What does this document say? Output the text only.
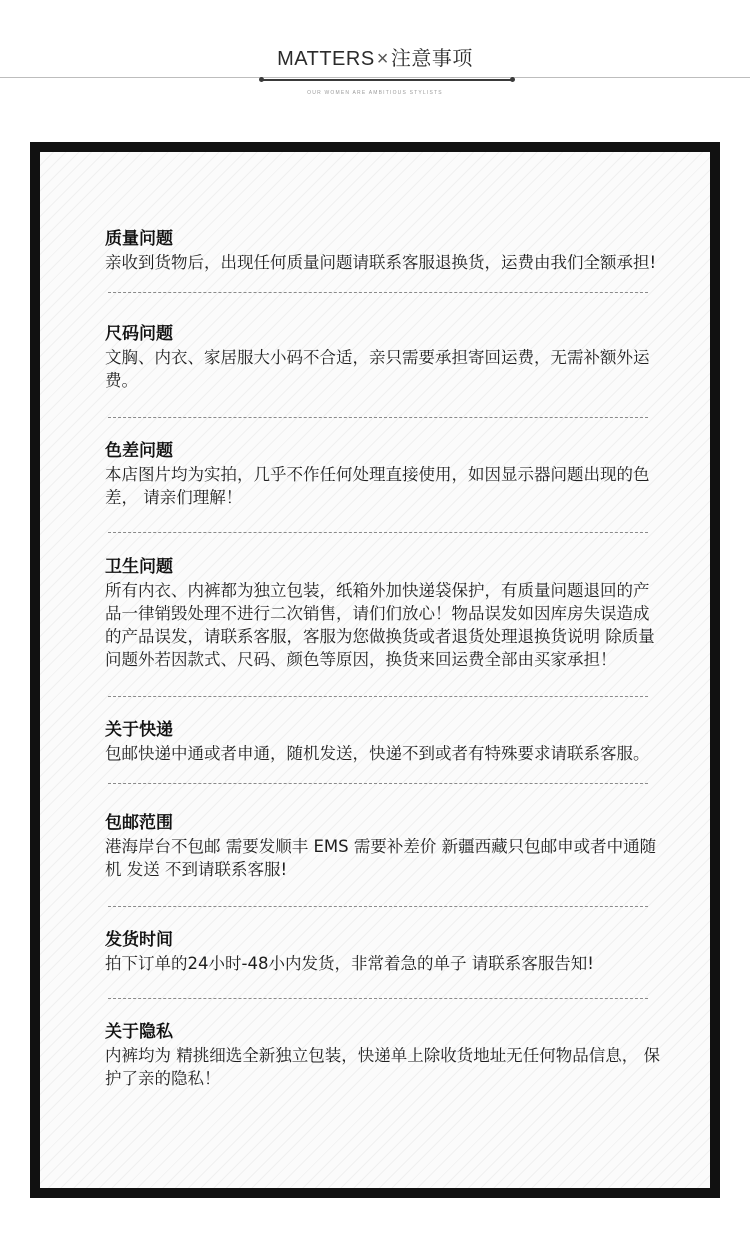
MATTERS × 注意事项
OUR WOMEN ARE AMBITIOUS STYLISTS
质量问题

亲收到货物后，出现任何质量问题请联系客服退换货，运费由我们全额承担!

尺码问题

文胸、内衣、家居服大小码不合适，亲只需要承担寄回运费，无需补额外运费。

色差问题

本店图片均为实拍，几乎不作任何处理直接使用，如因显示器问题出现的色差， 请亲们理解！

卫生问题

所有内衣、内裤都为独立包装，纸箱外加快递袋保护，有质量问题退回的产品一律销毁处理不进行二次销售，请们们放心！物品误发如因库房失误造成的产品误发，请联系客服，客服为您做换货或者退货处理退换货说明 除质量问题外若因款式、尺码、颜色等原因，换货来回运费全部由买家承担！

关于快递

包邮快递中通或者申通，随机发送，快递不到或者有特殊要求请联系客服。

包邮范围

港海岸台不包邮 需要发顺丰 EMS 需要补差价 新疆西藏只包邮申或者中通随机 发送 不到请联系客服!

发货时间

拍下订单的24小时-48小内发货，非常着急的单子 请联系客服告知!

关于隐私

内裤均为 精挑细选全新独立包装，快递单上除收货地址无任何物品信息， 保护了亲的隐私！
